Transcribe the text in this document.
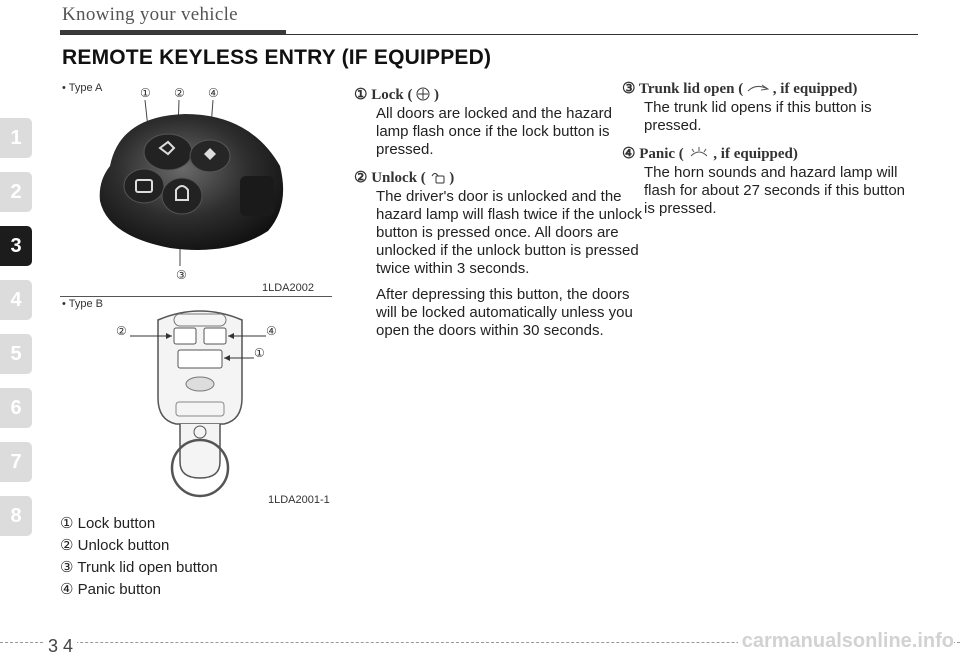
Knowing your vehicle
REMOTE KEYLESS ENTRY (IF EQUIPPED)
1
2
3
4
5
6
7
8
• Type A	① ② ④
③
1LDA2002
• Type B
②	④
①
1LDA2001-1
① Lock button
② Unlock button
③ Trunk lid open button
④ Panic button
① Lock ( )

All doors are locked and the hazard lamp flash once if the lock button is pressed.

② Unlock ( )

The driver's door is unlocked and the hazard lamp will flash twice if the unlock button is pressed once. All doors are unlocked if the unlock button is pressed twice within 3 seconds.

After depressing this button, the doors will be locked automatically unless you open the doors within 30 seconds.

③ Trunk lid open ( , if equipped)

The trunk lid opens if this button is pressed.

④ Panic ( , if equipped)

The horn sounds and hazard lamp will flash for about 27 seconds if this button is pressed.

3 4	carmanualsonline.info
